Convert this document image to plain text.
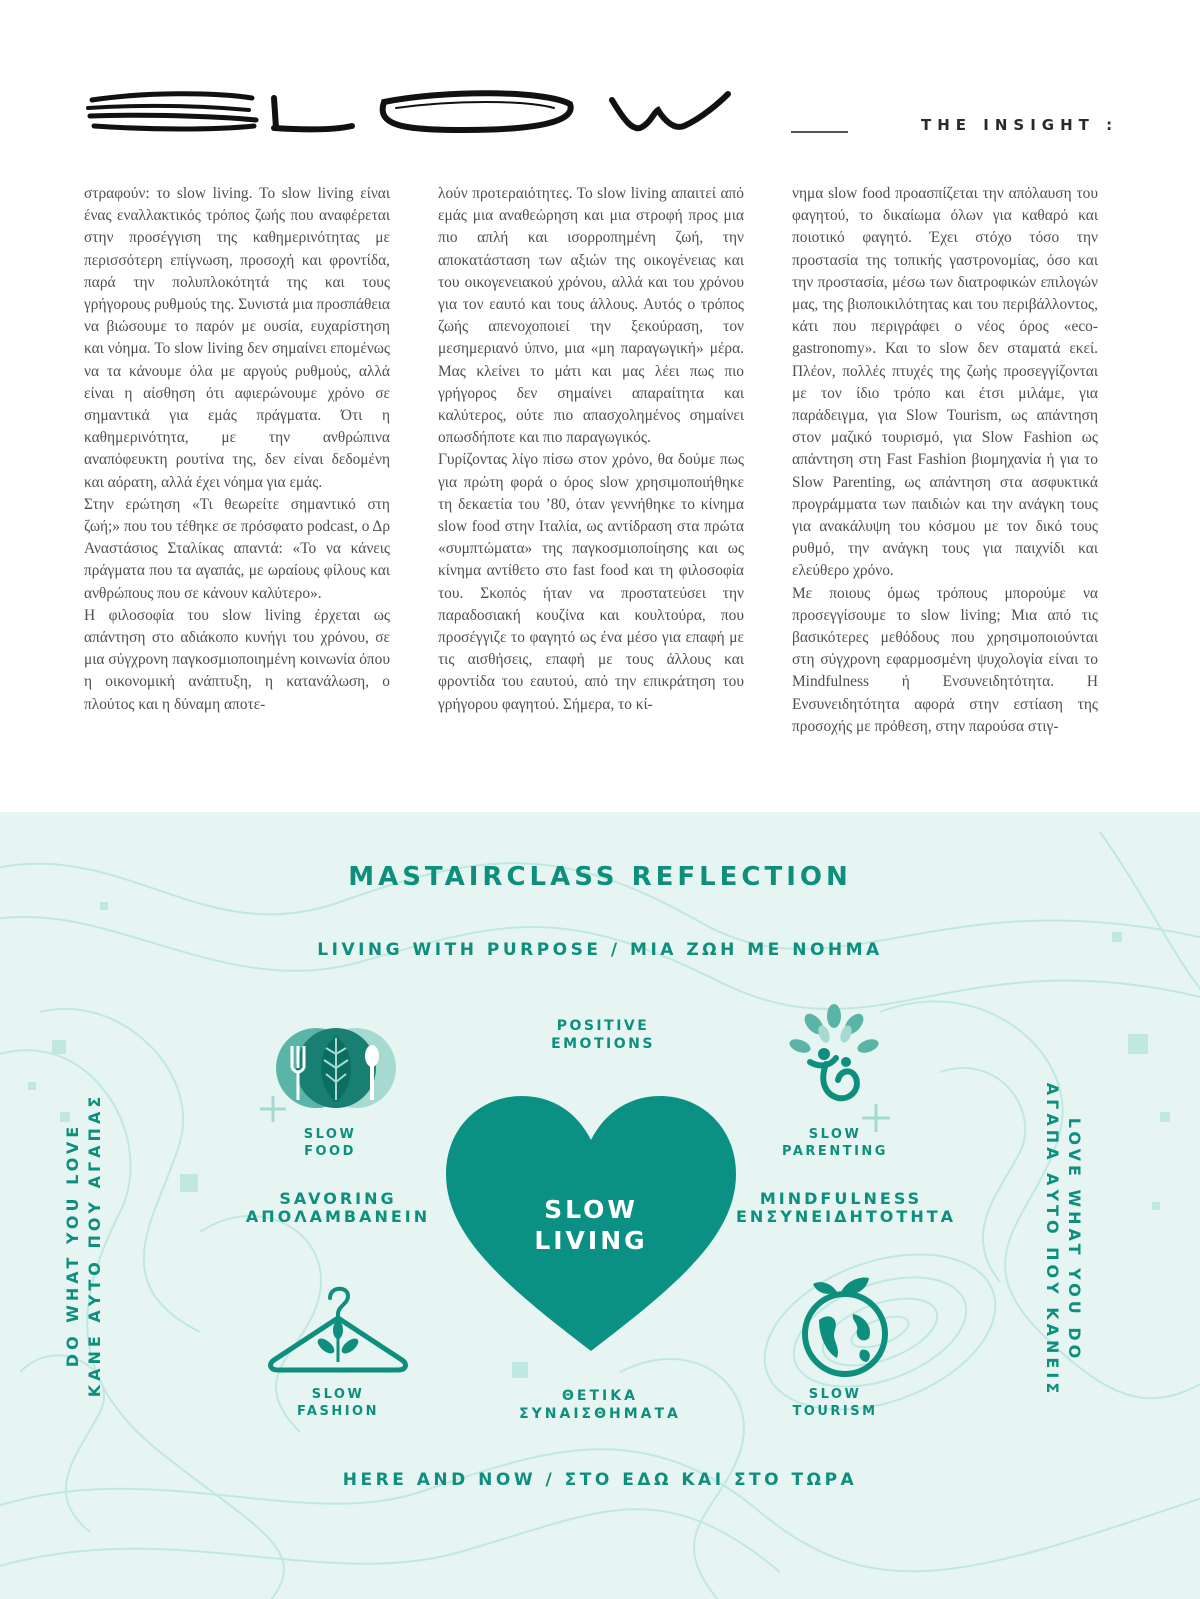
THE INSIGHT :

στραφούν: το slow living. Το slow living είναι ένας εναλλακτικός τρόπος ζωής που αναφέρεται στην προσέγγιση της καθημερινότητας με περισσότερη επίγνωση, προσοχή και φροντίδα, παρά την πολυπλοκότητά της και τους γρήγορους ρυθμούς της. Συνιστά μια προσπάθεια να βιώσουμε το παρόν με ουσία, ευχαρίστηση και νόημα. Το slow living δεν σημαίνει επομένως να τα κάνουμε όλα με αργούς ρυθμούς, αλλά είναι η αίσθηση ότι αφιερώνουμε χρόνο σε σημαντικά για εμάς πράγματα. Ότι η καθημερινότητα, με την ανθρώπινα αναπόφευκτη ρουτίνα της, δεν είναι δεδομένη και αόρατη, αλλά έχει νόημα για εμάς.

Στην ερώτηση «Τι θεωρείτε σημαντικό στη ζωή;» που του τέθηκε σε πρόσφατο podcast, ο Δρ Αναστάσιος Σταλίκας απαντά: «Το να κάνεις πράγματα που τα αγαπάς, με ωραίους φίλους και ανθρώπους που σε κάνουν καλύτερο».

Η φιλοσοφία του slow living έρχεται ως απάντηση στο αδιάκοπο κυνήγι του χρόνου, σε μια σύγχρονη παγκοσμιοποιημένη κοινωνία όπου η οικονομική ανάπτυξη, η κατανάλωση, ο πλούτος και η δύναμη αποτε-

λούν προτεραιότητες. Το slow living απαιτεί από εμάς μια αναθεώρηση και μια στροφή προς μια πιο απλή και ισορροπημένη ζωή, την αποκατάσταση των αξιών της οικογένειας και του οικογενειακού χρόνου, αλλά και του χρόνου για τον εαυτό και τους άλλους. Αυτός ο τρόπος ζωής απενοχοποιεί την ξεκούραση, τον μεσημεριανό ύπνο, μια «μη παραγωγική» μέρα. Μας κλείνει το μάτι και μας λέει πως πιο γρήγορος δεν σημαίνει απαραίτητα και καλύτερος, ούτε πιο απασχολημένος σημαίνει οπωσδήποτε και πιο παραγωγικός.

Γυρίζοντας λίγο πίσω στον χρόνο, θα δούμε πως για πρώτη φορά ο όρος slow χρησιμοποιήθηκε τη δεκαετία του ’80, όταν γεννήθηκε το κίνημα slow food στην Ιταλία, ως αντίδραση στα πρώτα «συμπτώματα» της παγκοσμιοποίησης και ως κίνημα αντίθετο στο fast food και τη φιλοσοφία του. Σκοπός ήταν να προστατεύσει την παραδοσιακή κουζίνα και κουλτούρα, που προσέγγιζε το φαγητό ως ένα μέσο για επαφή με τις αισθήσεις, επαφή με τους άλλους και φροντίδα του εαυτού, από την επικράτηση του γρήγορου φαγητού. Σήμερα, το κί-

νημα slow food προασπίζεται την απόλαυση του φαγητού, το δικαίωμα όλων για καθαρό και ποιοτικό φαγητό. Έχει στόχο τόσο την προστασία της τοπικής γαστρονομίας, όσο και την προστασία, μέσω των διατροφικών επιλογών μας, της βιοποικιλότητας και του περιβάλλοντος, κάτι που περιγράφει ο νέος όρος «eco-gastronomy». Και το slow δεν σταματά εκεί. Πλέον, πολλές πτυχές της ζωής προσεγγίζονται με τον ίδιο τρόπο και έτσι μιλάμε, για παράδειγμα, για Slow Tourism, ως απάντηση στον μαζικό τουρισμό, για Slow Fashion ως απάντηση στη Fast Fashion βιομηχανία ή για το Slow Parenting, ως απάντηση στα ασφυκτικά προγράμματα των παιδιών και την ανάγκη τους για ανακάλυψη του κόσμου με τον δικό τους ρυθμό, την ανάγκη τους για παιχνίδι και ελεύθερο χρόνο.

Με ποιους όμως τρόπους μπορούμε να προσεγγίσουμε το slow living; Μια από τις βασικότερες μεθόδους που χρησιμοποιούνται στη σύγχρονη εφαρμοσμένη ψυχολογία είναι το Mindfulness ή Ενσυνειδητότητα. Η Ενσυνειδητότητα αφορά στην εστίαση της προσοχής με πρόθεση, στην παρούσα στιγ-

MASTAIRCLASS REFLECTION
LIVING WITH PURPOSE / ΜΙΑ ΖΩΗ ΜΕ ΝΟΗΜΑ
POSITIVE
EMOTIONS
SLOW
FOOD
SLOW
PARENTING
SAVORING
ΑΠΟΛΑΜΒΑΝΕΙΝ
MINDFULNESS
ΕΝΣΥΝΕΙΔΗΤΟΤΗΤΑ
SLOW
LIVING
SLOW
FASHION
SLOW
TOURISM
ΘΕΤΙΚΑ
ΣΥΝΑΙΣΘΗΜΑΤΑ
HERE AND NOW / ΣΤΟ ΕΔΩ ΚΑΙ ΣΤΟ ΤΩΡΑ
DO WHAT YOU LOVE ΚΑΝΕ ΑΥΤΟ ΠΟΥ ΑΓΑΠΑΣ	LOVE WHAT YOU DO
ΑΓΑΠΑ ΑΥΤΟ ΠΟΥ ΚΑΝΕΙΣ
